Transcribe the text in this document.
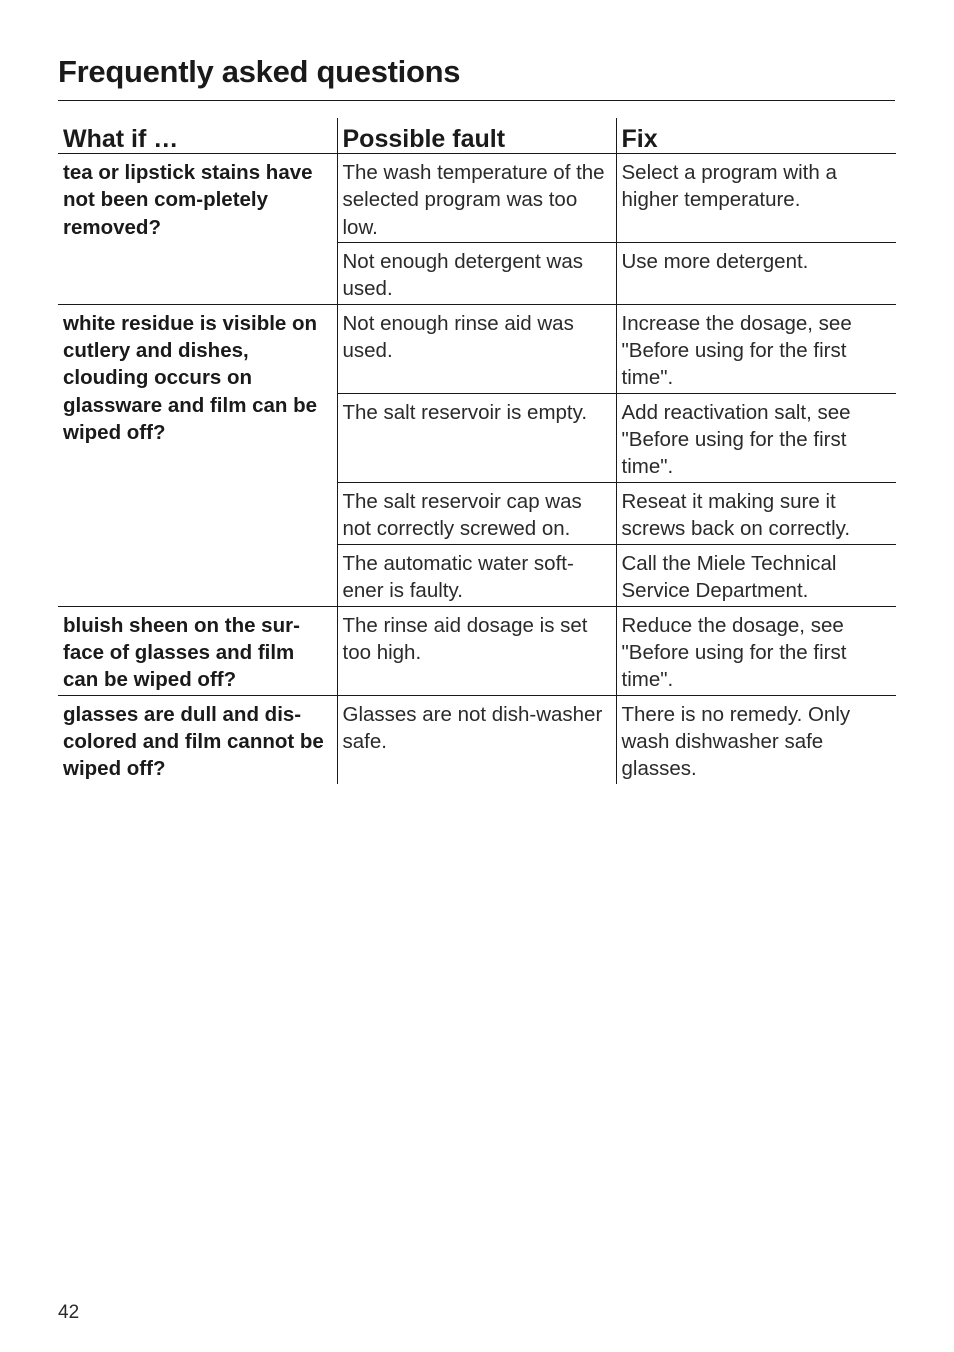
Frequently asked questions
What if …	Possible fault	Fix
tea or lipstick stains have not been com-pletely removed?	The wash temperature of the selected program was too low.	Select a program with a higher temperature.
	Not enough detergent was used.	Use more detergent.
white residue is visible on cutlery and dishes, clouding occurs on glassware and film can be wiped off?	Not enough rinse aid was used.	Increase the dosage, see "Before using for the first time".
	The salt reservoir is empty.	Add reactivation salt, see "Before using for the first time".
	The salt reservoir cap was not correctly screwed on.	Reseat it making sure it screws back on correctly.
	The automatic water soft-ener is faulty.	Call the Miele Technical Service Department.
bluish sheen on the sur-face of glasses and film can be wiped off?	The rinse aid dosage is set too high.	Reduce the dosage, see "Before using for the first time".
glasses are dull and dis-colored and film cannot be wiped off?	Glasses are not dish-washer safe.	There is no remedy. Only wash dishwasher safe glasses.
42
